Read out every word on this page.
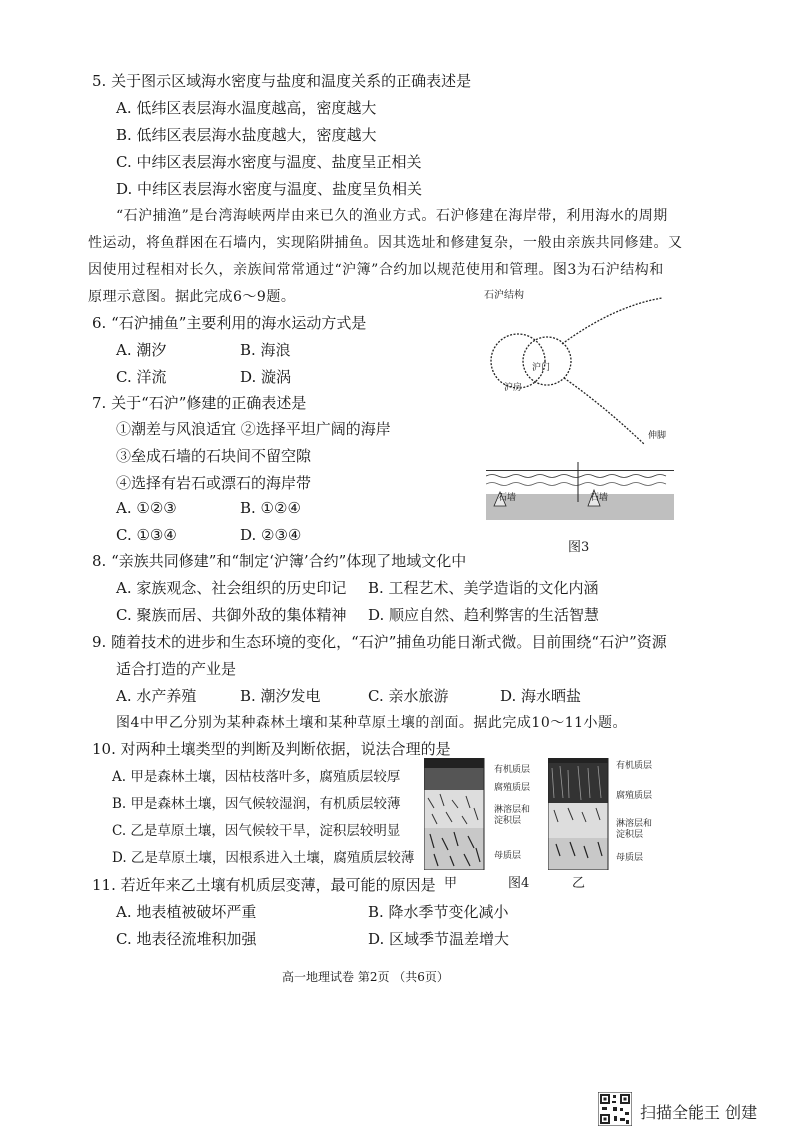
5. 关于图示区域海水密度与盐度和温度关系的正确表述是
A. 低纬区表层海水温度越高，密度越大
B. 低纬区表层海水盐度越大，密度越大
C. 中纬区表层海水密度与温度、盐度呈正相关
D. 中纬区表层海水密度与温度、盐度呈负相关
“石沪捕渔”是台湾海峡两岸由来已久的渔业方式。石沪修建在海岸带，利用海水的周期
性运动，将鱼群困在石墙内，实现陷阱捕鱼。因其选址和修建复杂，一般由亲族共同修建。又
因使用过程相对长久，亲族间常常通过“沪簿”合约加以规范使用和管理。图3为石沪结构和
原理示意图。据此完成6～9题。
6. “石沪捕鱼”主要利用的海水运动方式是
A. 潮汐	B. 海浪
C. 洋流	D. 漩涡
7. 关于“石沪”修建的正确表述是
①潮差与风浪适宜 ②选择平坦广阔的海岸
③垒成石墙的石块间不留空隙
④选择有岩石或漂石的海岸带
A. ①②③	B. ①②④
C. ①③④	D. ②③④
石沪结构
沪门
沪房
伸脚
石墙	石墙
图3
8. “亲族共同修建”和“制定‘沪簿’合约”体现了地域文化中
A. 家族观念、社会组织的历史印记 B. 工程艺术、美学造诣的文化内涵
C. 聚族而居、共御外敌的集体精神 D. 顺应自然、趋利弊害的生活智慧
9. 随着技术的进步和生态环境的变化，“石沪”捕鱼功能日渐式微。目前围绕“石沪”资源
适合打造的产业是
A. 水产养殖	B. 潮汐发电	C. 亲水旅游	D. 海水晒盐
图4中甲乙分别为某种森林土壤和某种草原土壤的剖面。据此完成10～11小题。
10. 对两种土壤类型的判断及判断依据，说法合理的是
A. 甲是森林土壤，因枯枝落叶多，腐殖质层较厚
B. 甲是森林土壤，因气候较湿润，有机质层较薄
C. 乙是草原土壤，因气候较干旱，淀积层较明显
D. 乙是草原土壤，因根系进入土壤，腐殖质层较薄
有机质层
腐殖质层
淋溶层和
淀积层
母质层
甲
有机质层
腐殖质层
淋溶层和
淀积层
母质层
乙
图4
11. 若近年来乙土壤有机质层变薄，最可能的原因是
A. 地表植被破坏严重	B. 降水季节变化减小
C. 地表径流堆积加强	D. 区域季节温差增大
高一地理试卷 第2页 （共6页）
扫描全能王 创建
